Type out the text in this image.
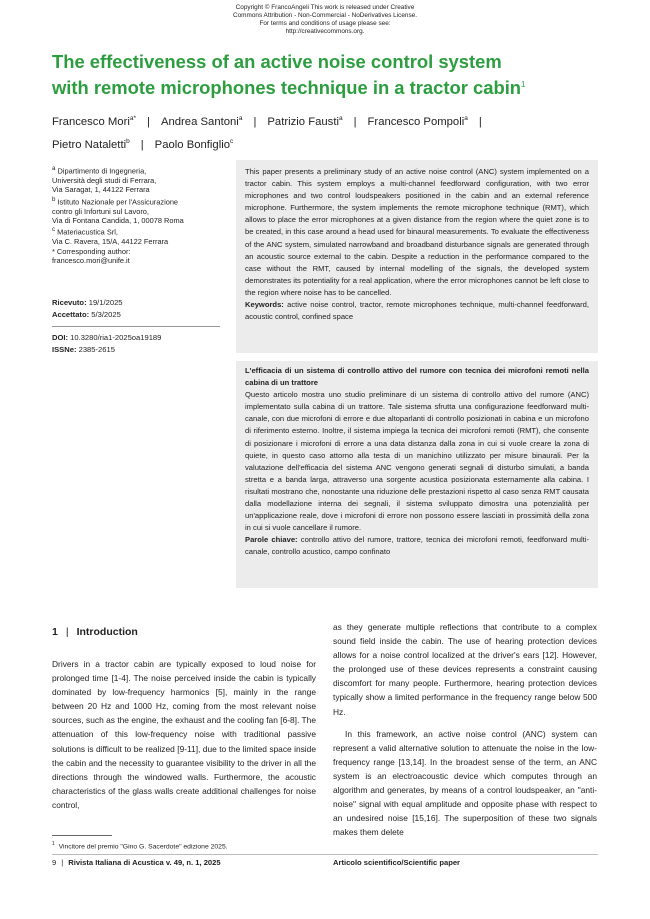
Copyright © FrancoAngeli This work is released under Creative
Commons Attribution - Non-Commercial - NoDerivatives License.
For terms and conditions of usage please see:
http://creativecommons.org.
The effectiveness of an active noise control system
with remote microphones technique in a tractor cabin$^1$
Francesco Mori$^{a*}$ | Andrea Santoni$^a$ | Patrizio Fausti$^a$ | Francesco Pompoli$^a$ |
Pietro Nataletti$^b$ | Paolo Bonfiglio$^c$

$^a$ Dipartimento di Ingegneria,

Università degli studi di Ferrara,

Via Saragat, 1, 44122 Ferrara

$^b$ Istituto Nazionale per l'Assicurazione

contro gli Infortuni sul Lavoro,

Via di Fontana Candida, 1, 00078 Roma

$^c$ Materiacustica Srl,

Via C. Ravera, 15/A, 44122 Ferrara

* Corresponding author:

francesco.mori@unife.it

Ricevuto: 19/1/2025
Accettato: 5/3/2025
DOI: 10.3280/ria1-2025oa19189
ISSNe: 2385-2615

This paper presents a preliminary study of an active noise control (ANC) system implemented on a tractor cabin. This system employs a multi-channel feedforward configuration, with two error microphones and two control loudspeakers positioned in the cabin and an external reference microphone. Furthermore, the system implements the remote microphone technique (RMT), which allows to place the error microphones at a given distance from the region where the quiet zone is to be created, in this case around a head used for binaural measurements. To evaluate the effectiveness of the ANC system, simulated narrowband and broadband disturbance signals are generated through an acoustic source external to the cabin. Despite a reduction in the performance compared to the case without the RMT, caused by internal modelling of the signals, the developed system demonstrates its potentiality for a real application, where the error microphones cannot be left close to the region where noise has to be cancelled.

Keywords: active noise control, tractor, remote microphones technique, multi-channel feedforward, acoustic control, confined space

L'efficacia di un sistema di controllo attivo del rumore con tecnica dei microfoni remoti nella cabina di un trattore

Questo articolo mostra uno studio preliminare di un sistema di controllo attivo del rumore (ANC) implementato sulla cabina di un trattore. Tale sistema sfrutta una configurazione feedforward multi-canale, con due microfoni di errore e due altoparlanti di controllo posizionati in cabina e un microfono di riferimento esterno. Inoltre, il sistema impiega la tecnica dei microfoni remoti (RMT), che consente di posizionare i microfoni di errore a una data distanza dalla zona in cui si vuole creare la zona di quiete, in questo caso attorno alla testa di un manichino utilizzato per misure binaurali. Per la valutazione dell'efficacia del sistema ANC vengono generati segnali di disturbo simulati, a banda stretta e a banda larga, attraverso una sorgente acustica posizionata esternamente alla cabina. I risultati mostrano che, nonostante una riduzione delle prestazioni rispetto al caso senza RMT causata dalla modellazione interna dei segnali, il sistema sviluppato dimostra una potenzialità per un'applicazione reale, dove i microfoni di errore non possono essere lasciati in prossimità della zona in cui si vuole cancellare il rumore.

Parole chiave: controllo attivo del rumore, trattore, tecnica dei microfoni remoti, feedforward multi-canale, controllo acustico, campo confinato

1 | Introduction

Drivers in a tractor cabin are typically exposed to loud noise for prolonged time [1-4]. The noise perceived inside the cabin is typically dominated by low-frequency harmonics [5], mainly in the range between 20 Hz and 1000 Hz, coming from the most relevant noise sources, such as the engine, the exhaust and the cooling fan [6-8]. The attenuation of this low-frequency noise with traditional passive solutions is difficult to be realized [9-11], due to the limited space inside the cabin and the necessity to guarantee visibility to the driver in all the directions through the windowed walls. Furthermore, the acoustic characteristics of the glass walls create additional challenges for noise control,

as they generate multiple reflections that contribute to a complex sound field inside the cabin. The use of hearing protection devices allows for a noise control localized at the driver's ears [12]. However, the prolonged use of these devices represents a constraint causing discomfort for many people. Furthermore, hearing protection devices typically show a limited performance in the frequency range below 500 Hz.

In this framework, an active noise control (ANC) system can represent a valid alternative solution to attenuate the noise in the low-frequency range [13,14]. In the broadest sense of the term, an ANC system is an electroacoustic device which computes through an algorithm and generates, by means of a control loudspeaker, an "anti-noise" signal with equal amplitude and opposite phase with respect to an undesired noise [15,16]. The superposition of these two signals makes them delete

$^1$ Vincitore del premio "Gino G. Sacerdote" edizione 2025.
9 | Rivista Italiana di Acustica v. 49, n. 1, 2025	Articolo scientifico/Scientific paper
